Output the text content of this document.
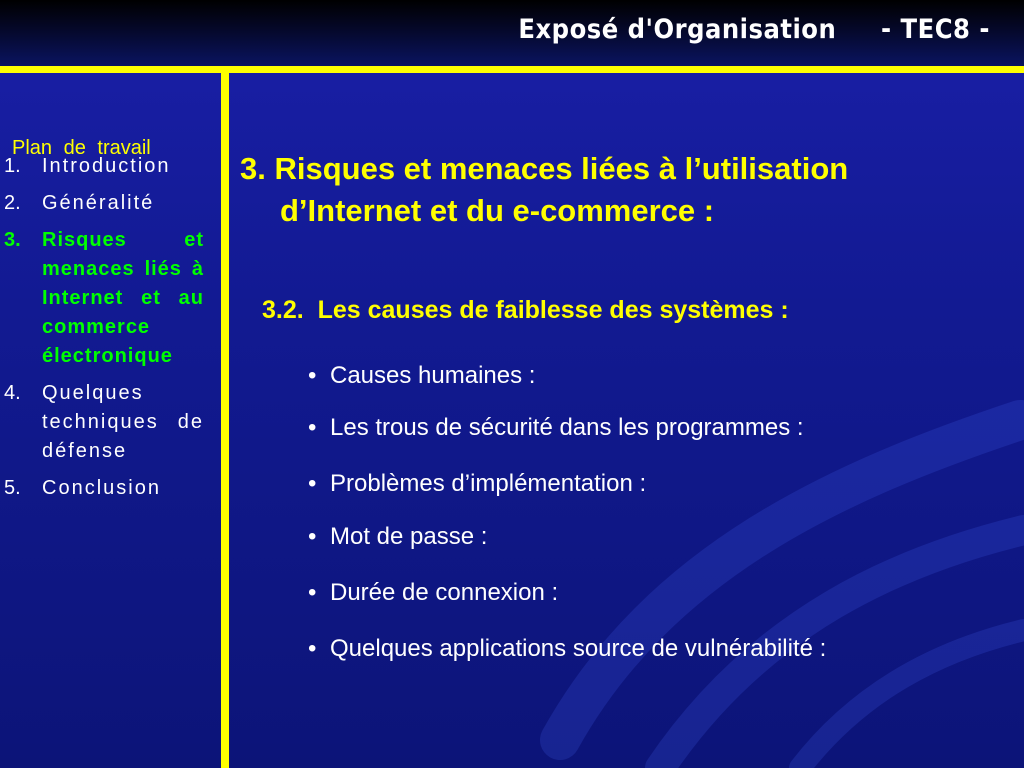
Exposé d'Organisation     - TEC8 -
Plan de travail
1.	Introduction
2.	Généralité
3.	Risques et menaces liés à Internet et au commerce électronique
4.	Quelques techniques de défense
5.	Conclusion
3. Risques et menaces liées à l’utilisation
d’Internet et du e-commerce :
3.2.  Les causes de faiblesse des systèmes :
• Causes humaines :
• Les trous de sécurité dans les programmes :
• Problèmes d’implémentation :
• Mot de passe :
• Durée de connexion :
• Quelques applications source de vulnérabilité :
